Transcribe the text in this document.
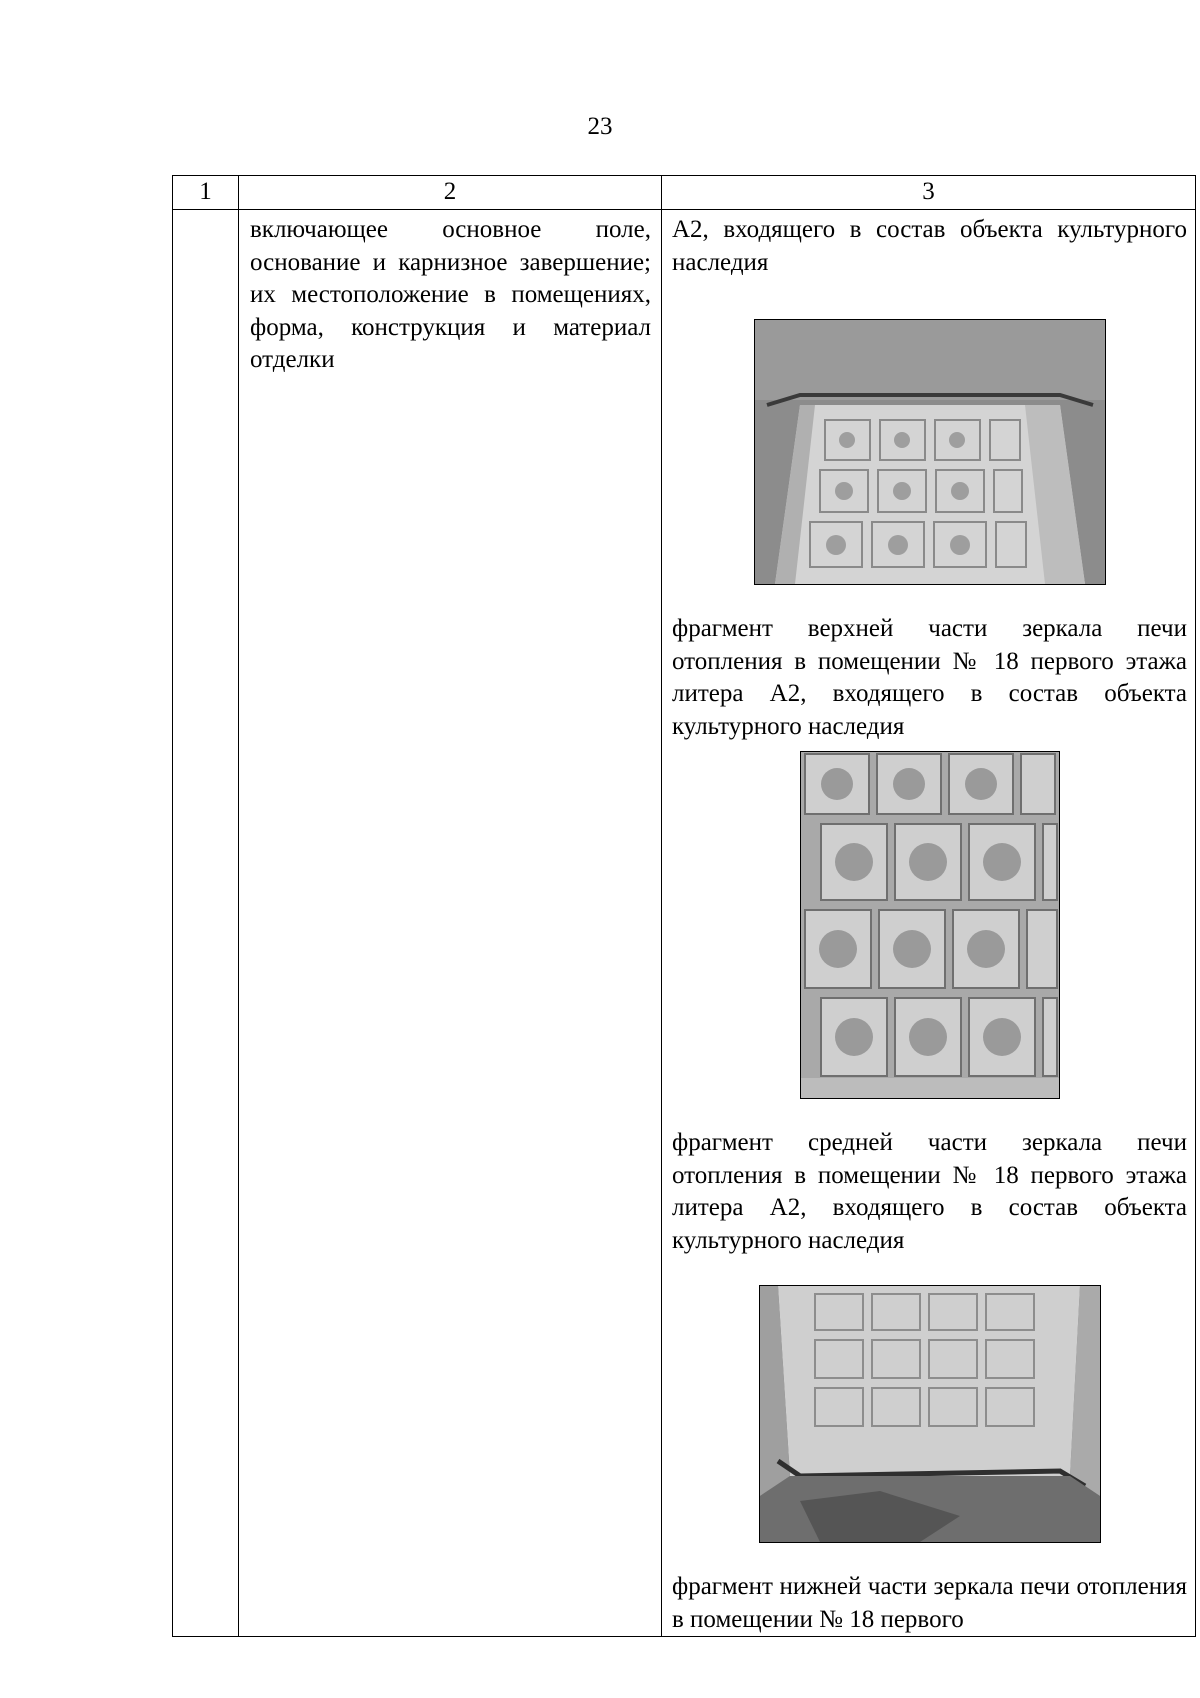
23
1	2	3

	включающее основное поле, основание и карнизное завершение; их местоположение в помещениях, форма, конструкция и материал отделки	А2, входящего в состав объекта культурного наследия
фрагмент верхней части зеркала печи отопления в помещении № 18 первого этажа литера А2, входящего в состав объекта культурного наследия
фрагмент средней части зеркала печи отопления в помещении № 18 первого этажа литера А2, входящего в состав объекта культурного наследия
фрагмент нижней части зеркала печи отопления в помещении № 18 первого
